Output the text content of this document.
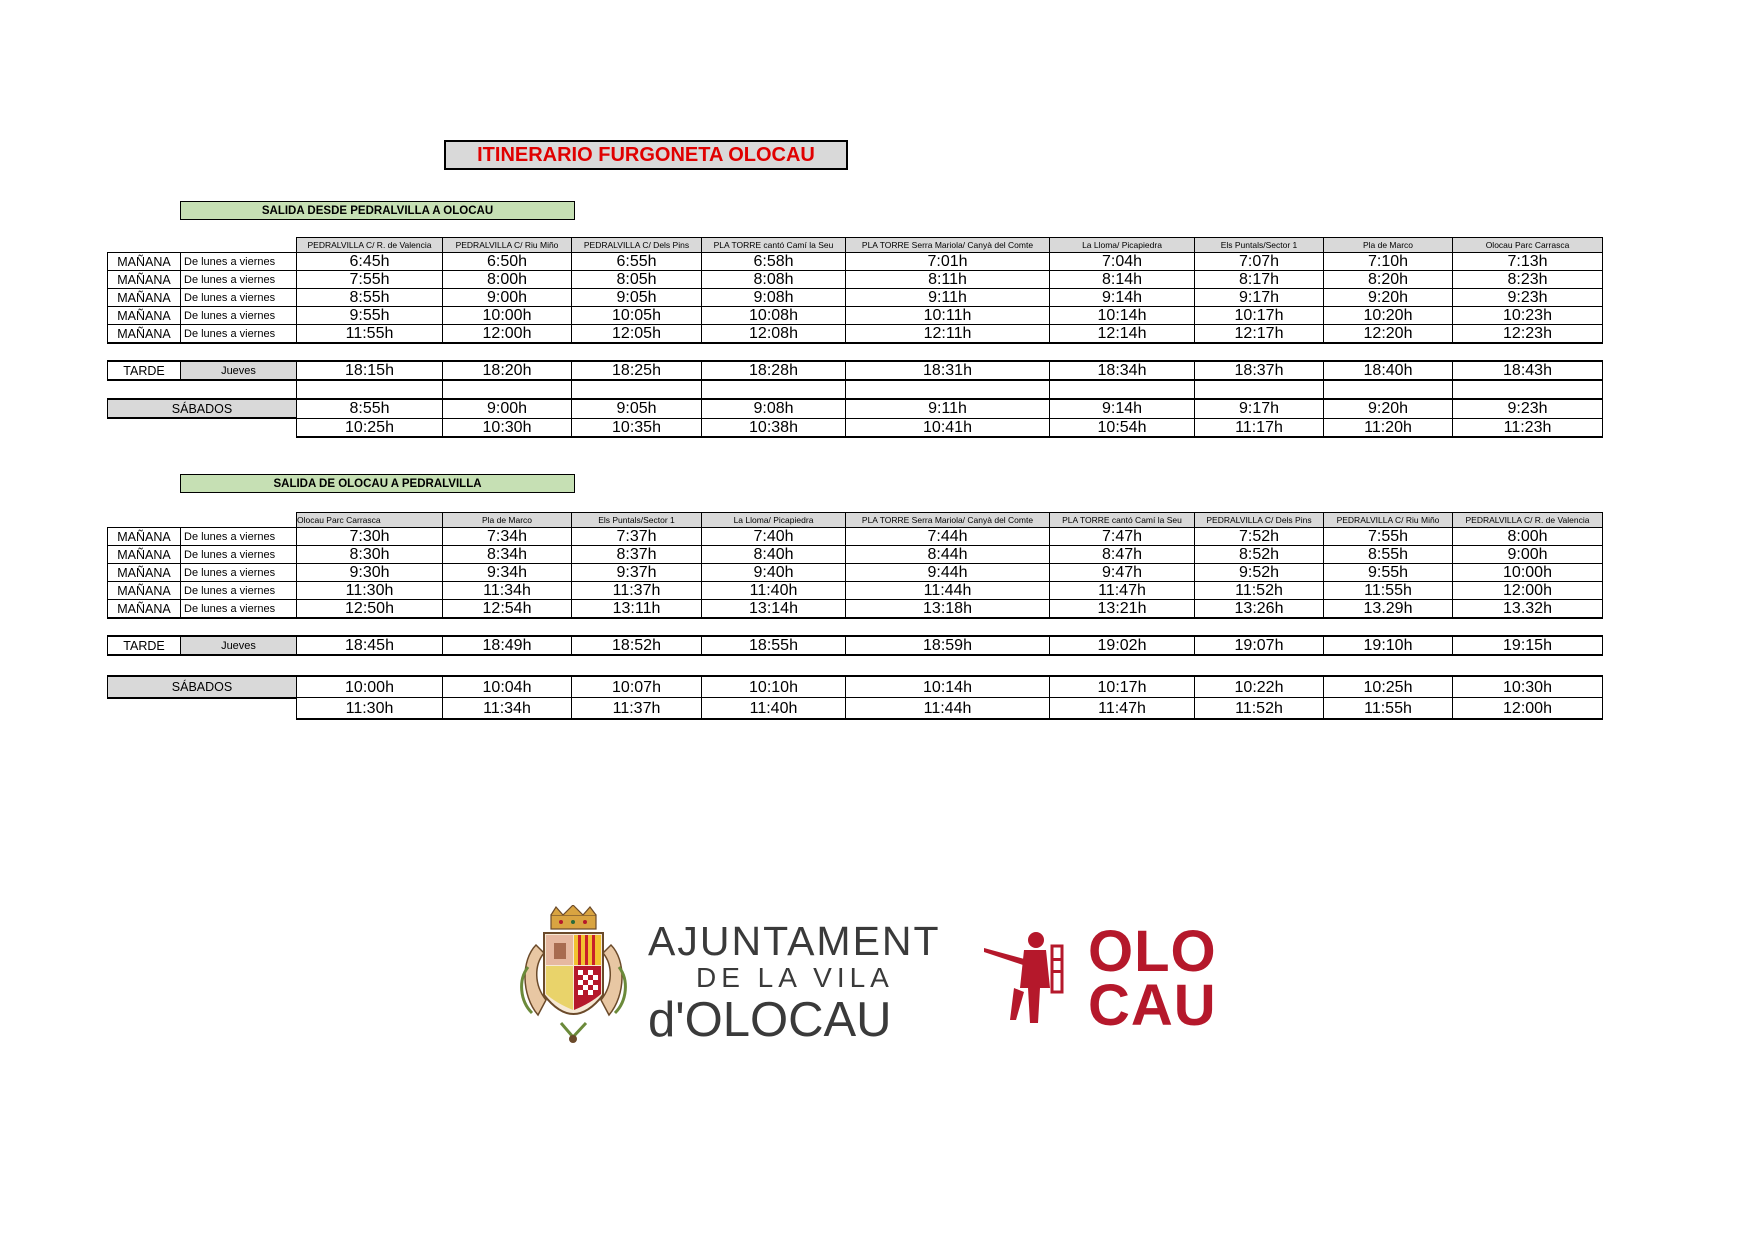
ITINERARIO FURGONETA OLOCAU
SALIDA DESDE PEDRALVILLA A OLOCAU
		PEDRALVILLA C/ R. de Valencia	PEDRALVILLA C/ Riu Miño	PEDRALVILLA C/ Dels Pins	PLA TORRE cantó Camí la Seu	PLA TORRE Serra Mariola/ Canyà del Comte	La Lloma/ Picapiedra	Els Puntals/Sector 1	Pla de Marco	Olocau Parc Carrasca
MAÑANA	De lunes a viernes	6:45h	6:50h	6:55h	6:58h	7:01h	7:04h	7:07h	7:10h	7:13h
MAÑANA	De lunes a viernes	7:55h	8:00h	8:05h	8:08h	8:11h	8:14h	8:17h	8:20h	8:23h
MAÑANA	De lunes a viernes	8:55h	9:00h	9:05h	9:08h	9:11h	9:14h	9:17h	9:20h	9:23h
MAÑANA	De lunes a viernes	9:55h	10:00h	10:05h	10:08h	10:11h	10:14h	10:17h	10:20h	10:23h
MAÑANA	De lunes a viernes	11:55h	12:00h	12:05h	12:08h	12:11h	12:14h	12:17h	12:20h	12:23h

TARDE	Jueves	18:15h	18:20h	18:25h	18:28h	18:31h	18:34h	18:37h	18:40h	18:43h

SÁBADOS		8:55h	9:00h	9:05h	9:08h	9:11h	9:14h	9:17h	9:20h	9:23h
		10:25h	10:30h	10:35h	10:38h	10:41h	10:54h	11:17h	11:20h	11:23h
SALIDA DE OLOCAU A PEDRALVILLA
		Olocau Parc Carrasca	Pla de Marco	Els Puntals/Sector 1	La Lloma/ Picapiedra	PLA TORRE Serra Mariola/ Canyà del Comte	PLA TORRE cantó Camí la Seu	PEDRALVILLA C/ Dels Pins	PEDRALVILLA C/ Riu Miño	PEDRALVILLA C/ R. de Valencia
MAÑANA	De lunes a viernes	7:30h	7:34h	7:37h	7:40h	7:44h	7:47h	7:52h	7:55h	8:00h
MAÑANA	De lunes a viernes	8:30h	8:34h	8:37h	8:40h	8:44h	8:47h	8:52h	8:55h	9:00h
MAÑANA	De lunes a viernes	9:30h	9:34h	9:37h	9:40h	9:44h	9:47h	9:52h	9:55h	10:00h
MAÑANA	De lunes a viernes	11:30h	11:34h	11:37h	11:40h	11:44h	11:47h	11:52h	11:55h	12:00h
MAÑANA	De lunes a viernes	12:50h	12:54h	13:11h	13:14h	13:18h	13:21h	13:26h	13.29h	13.32h

TARDE	Jueves	18:45h	18:49h	18:52h	18:55h	18:59h	19:02h	19:07h	19:10h	19:15h

SÁBADOS		10:00h	10:04h	10:07h	10:10h	10:14h	10:17h	10:22h	10:25h	10:30h
		11:30h	11:34h	11:37h	11:40h	11:44h	11:47h	11:52h	11:55h	12:00h
AJUNTAMENT
DE LA VILA
d'OLOCAU
OLO
CAU
